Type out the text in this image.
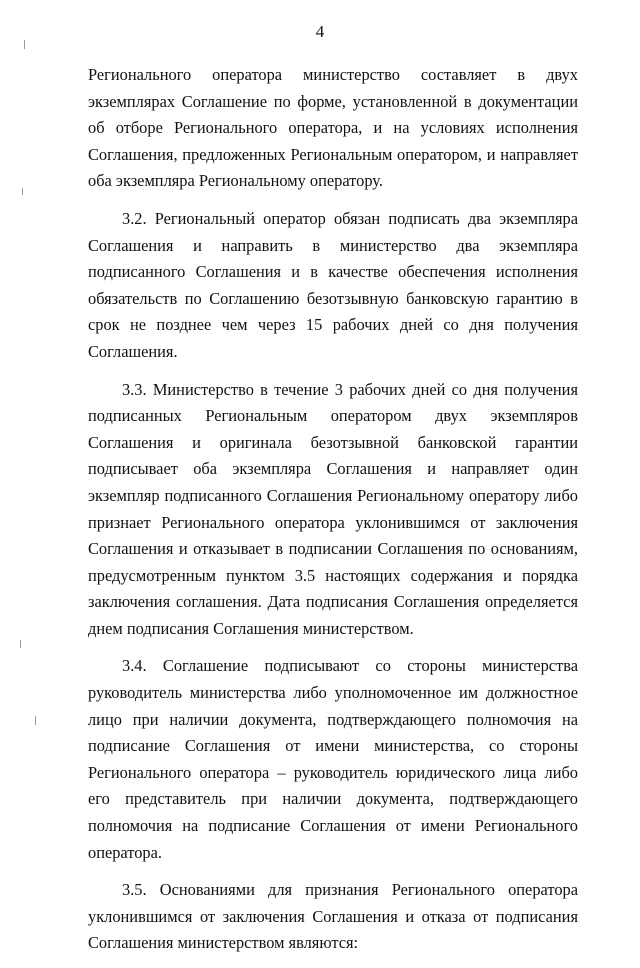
4

Регионального оператора министерство составляет в двух экземплярах Соглашение по форме, установленной в документации об отборе Регионального оператора, и на условиях исполнения Соглашения, предложенных Региональным оператором, и направляет оба экземпляра Региональному оператору.

3.2. Региональный оператор обязан подписать два экземпляра Соглашения и направить в министерство два экземпляра подписанного Соглашения и в качестве обеспечения исполнения обязательств по Соглашению безотзывную банковскую гарантию в срок не позднее чем через 15 рабочих дней со дня получения Соглашения.

3.3. Министерство в течение 3 рабочих дней со дня получения подписанных Региональным оператором двух экземпляров Соглашения и оригинала безотзывной банковской гарантии подписывает оба экземпляра Соглашения и направляет один экземпляр подписанного Соглашения Региональному оператору либо признает Регионального оператора уклонившимся от заключения Соглашения и отказывает в подписании Соглашения по основаниям, предусмотренным пунктом 3.5 настоящих содержания и порядка заключения соглашения. Дата подписания Соглашения определяется днем подписания Соглашения министерством.

3.4. Соглашение подписывают со стороны министерства руководитель министерства либо уполномоченное им должностное лицо при наличии документа, подтверждающего полномочия на подписание Соглашения от имени министерства, со стороны Регионального оператора – руководитель юридического лица либо его представитель при наличии документа, подтверждающего полномочия на подписание Соглашения от имени Регионального оператора.

3.5. Основаниями для признания Регионального оператора уклонившимся от заключения Соглашения и отказа от подписания Соглашения министерством являются:
